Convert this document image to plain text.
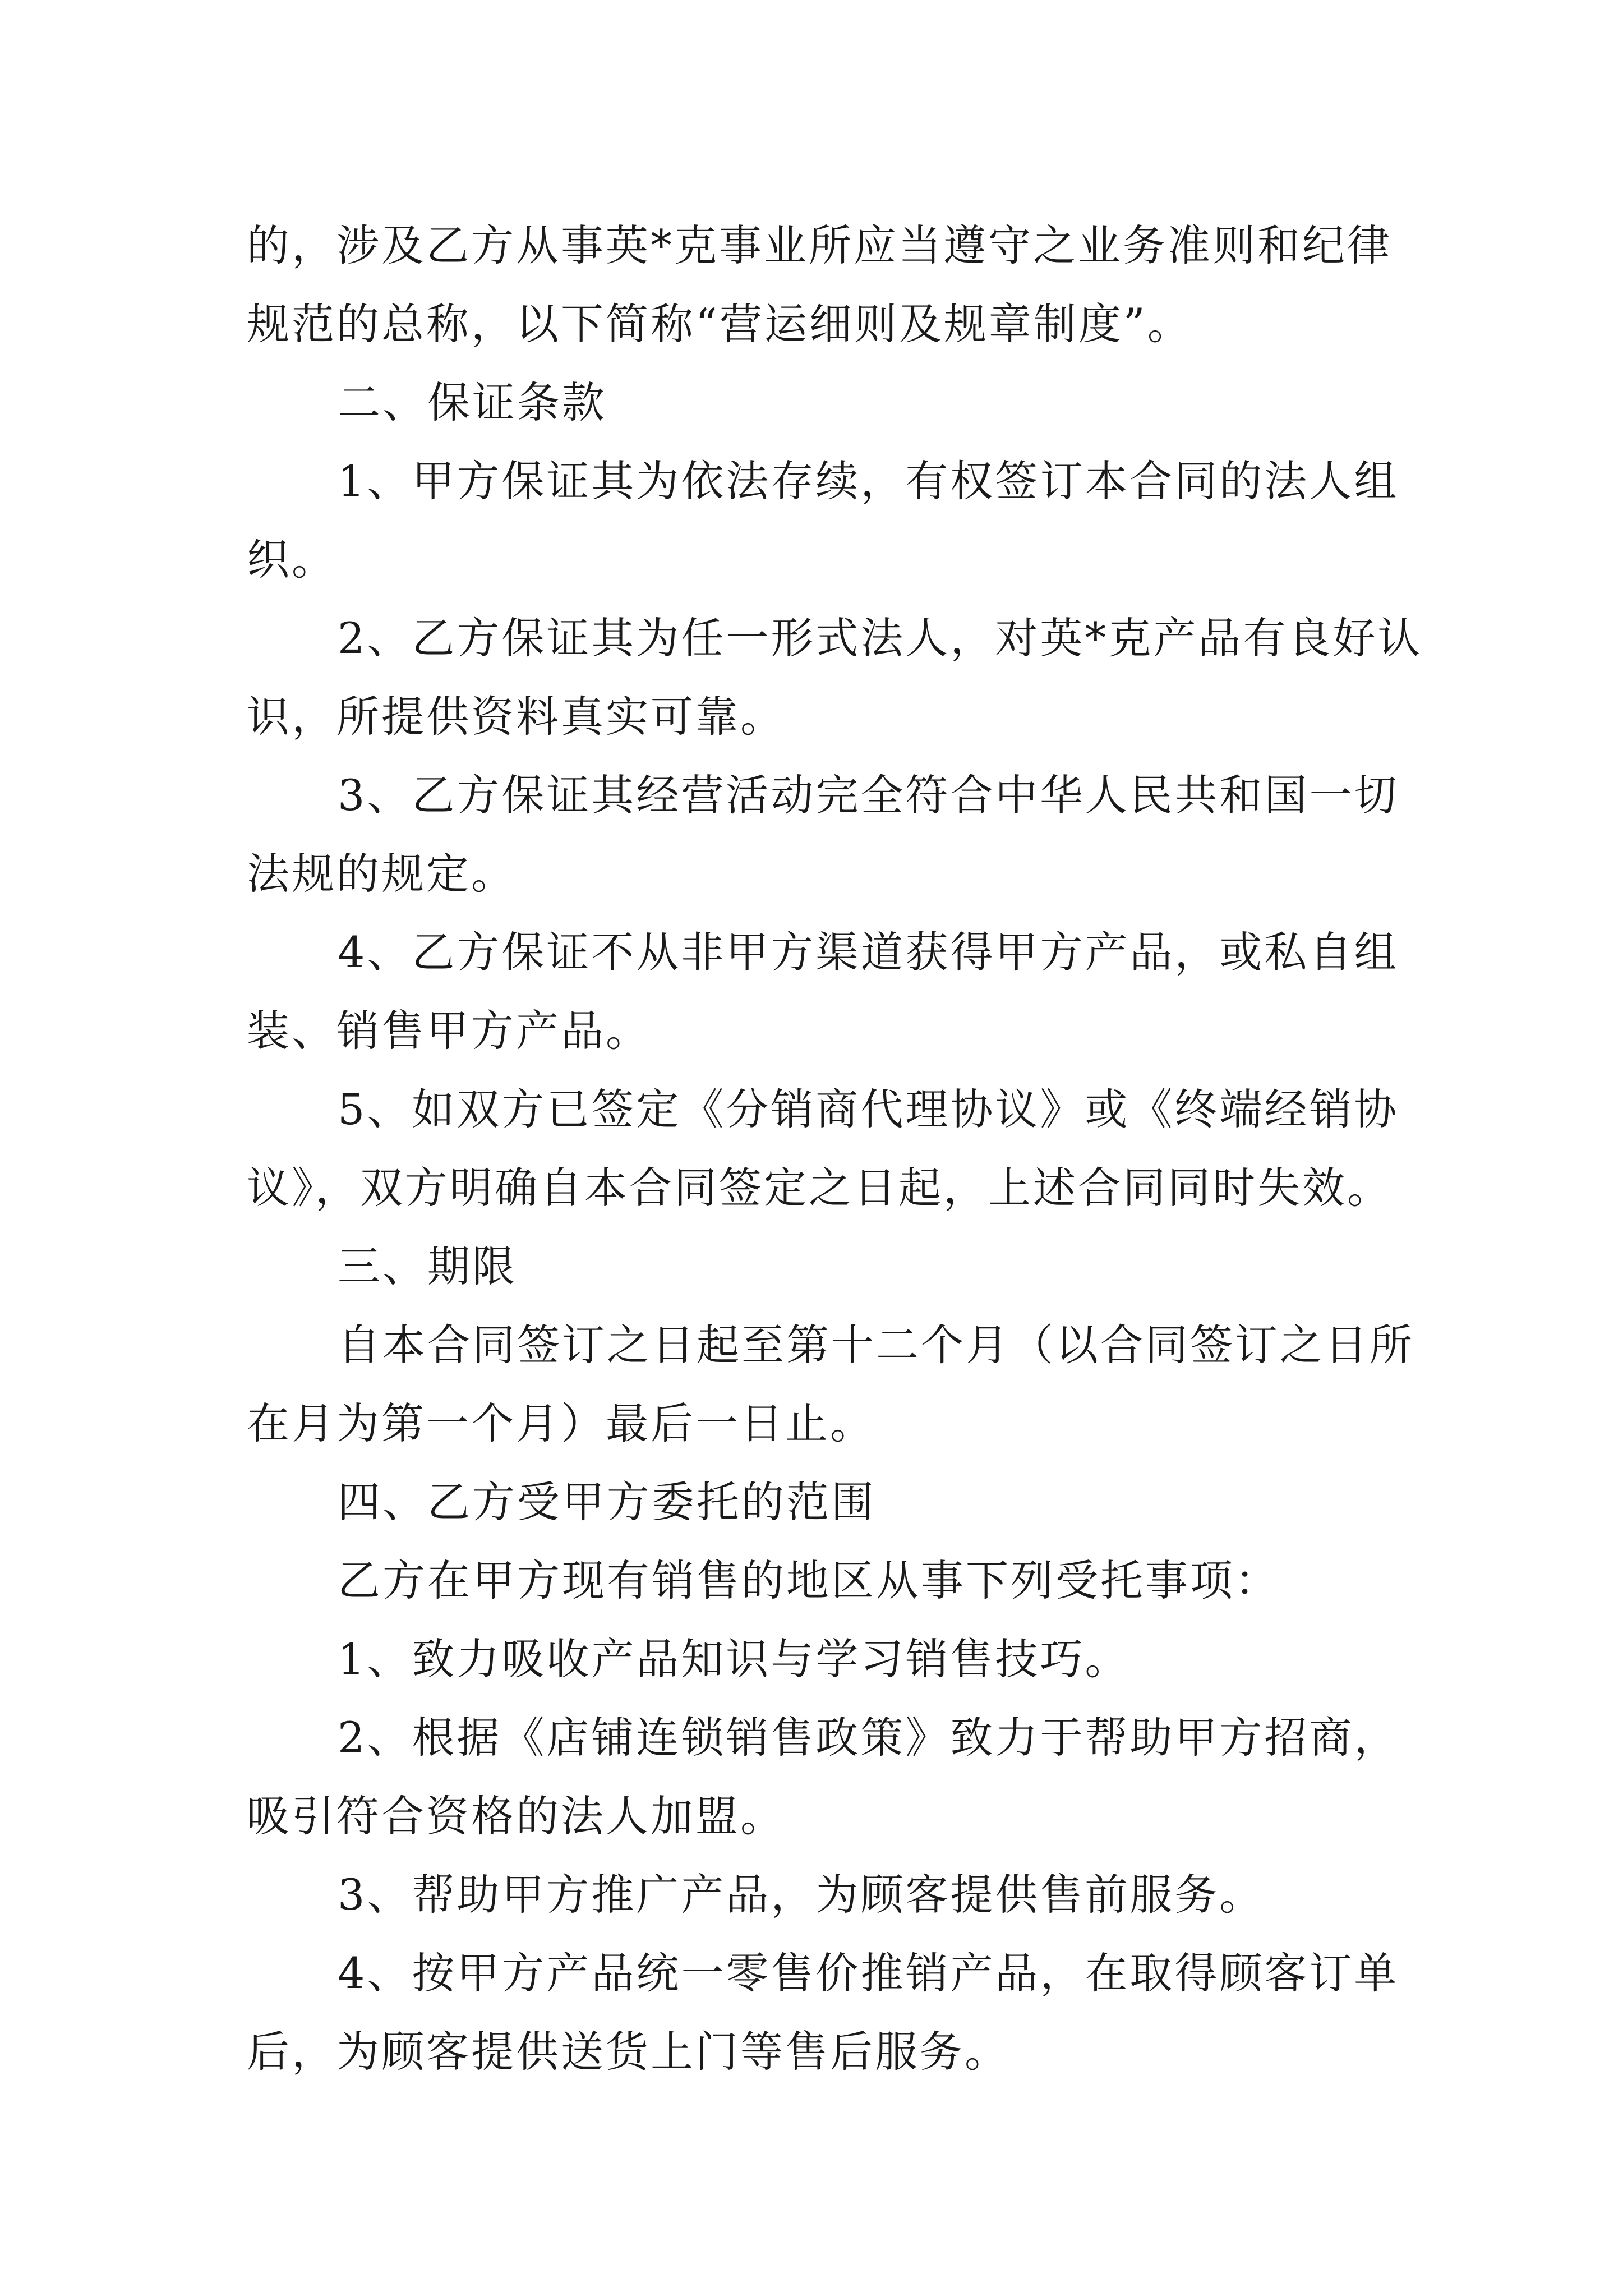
的，涉及乙方从事英*克事业所应当遵守之业务准则和纪律
规范的总称，以下简称“营运细则及规章制度”。
二、保证条款
1、甲方保证其为依法存续，有权签订本合同的法人组
织。
2、乙方保证其为任一形式法人，对英*克产品有良好认
识，所提供资料真实可靠。
3、乙方保证其经营活动完全符合中华人民共和国一切
法规的规定。
4、乙方保证不从非甲方渠道获得甲方产品，或私自组
装、销售甲方产品。
5、如双方已签定《分销商代理协议》或《终端经销协
议》，双方明确自本合同签定之日起，上述合同同时失效。
三、期限
自本合同签订之日起至第十二个月（以合同签订之日所
在月为第一个月）最后一日止。
四、乙方受甲方委托的范围
乙方在甲方现有销售的地区从事下列受托事项：
1、致力吸收产品知识与学习销售技巧。
2、根据《店铺连锁销售政策》致力于帮助甲方招商，
吸引符合资格的法人加盟。
3、帮助甲方推广产品，为顾客提供售前服务。
4、按甲方产品统一零售价推销产品，在取得顾客订单
后，为顾客提供送货上门等售后服务。
